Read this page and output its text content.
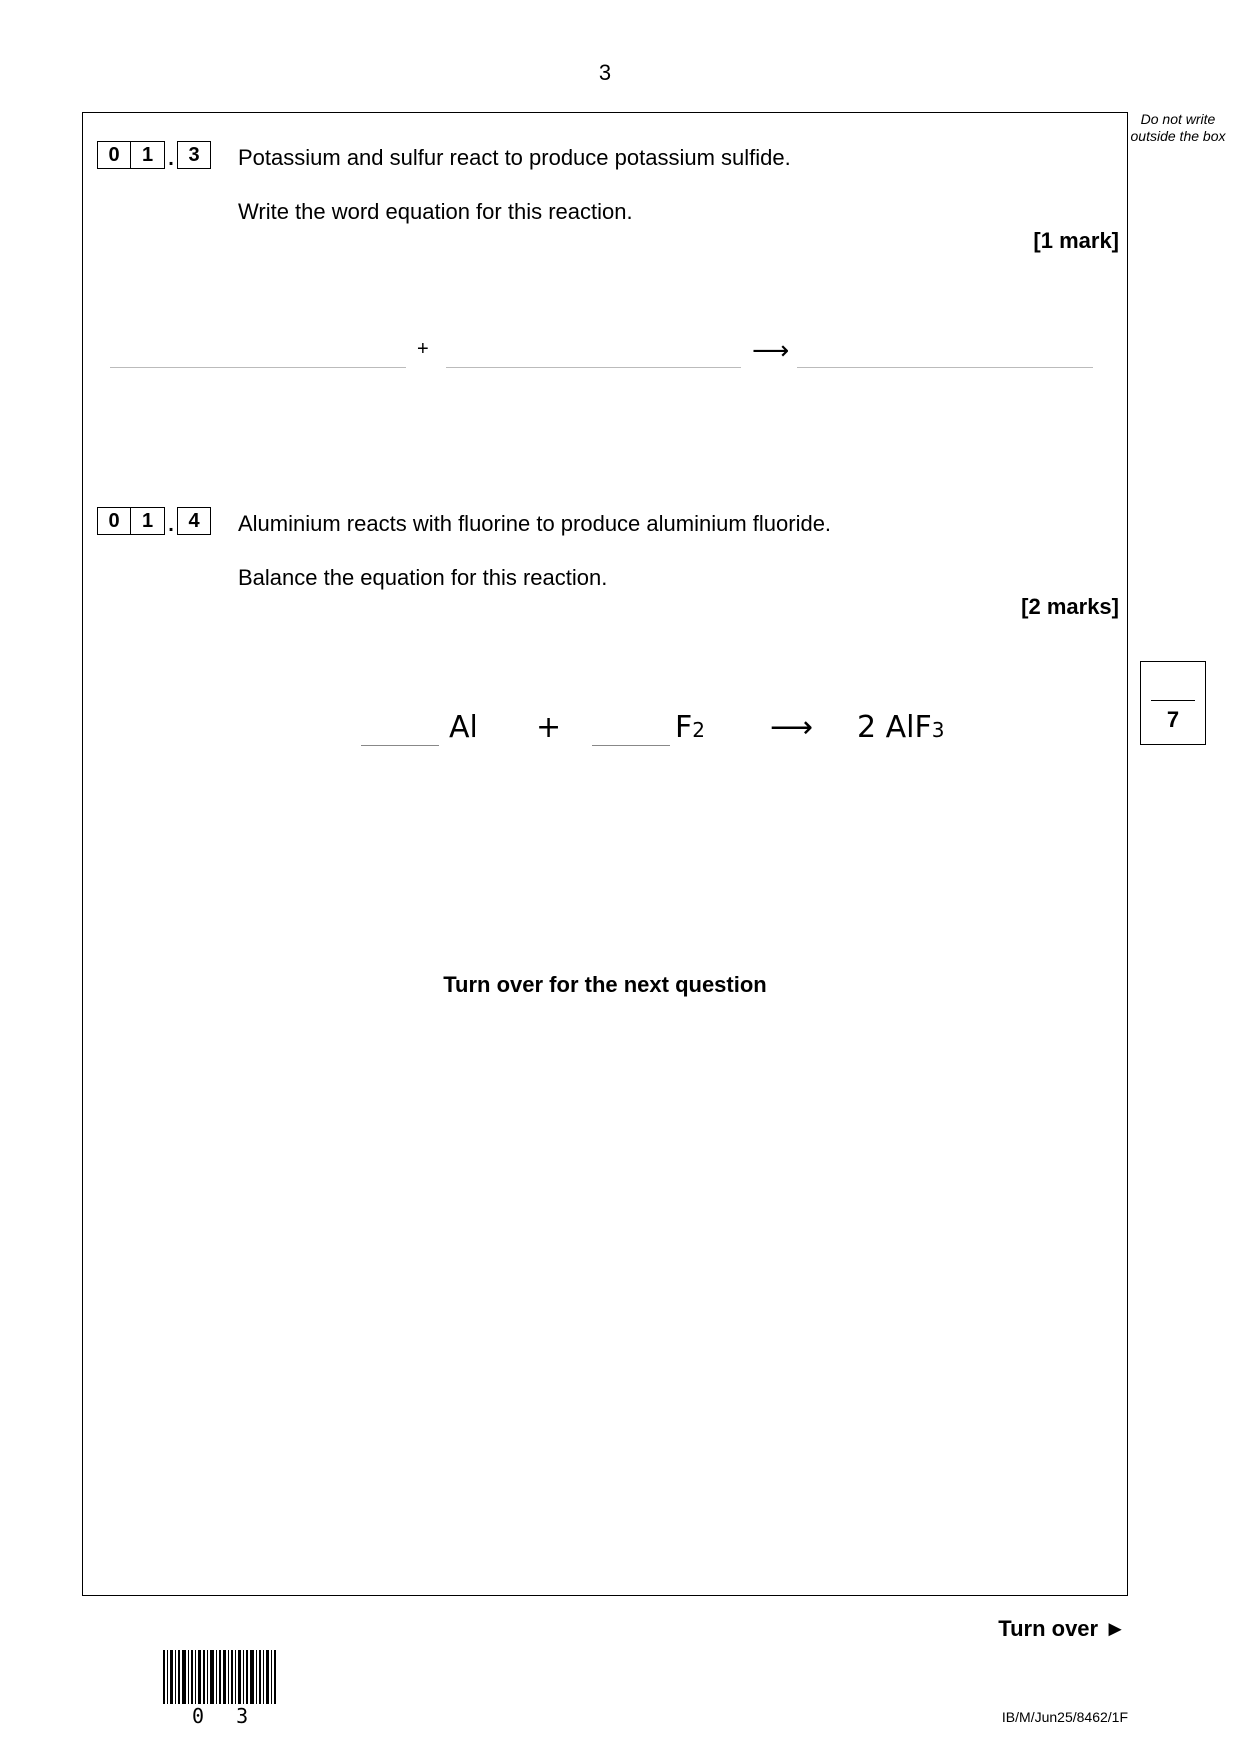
3
Do not write outside the box
0	1 . 3	Potassium and sulfur react to produce potassium sulfide.
Write the word equation for this reaction.
[1 mark]
+	⟶
0	1 . 4	Aluminium reacts with fluorine to produce aluminium fluoride.
Balance the equation for this reaction.
[2 marks]
Al +	F2 ⟶ 2 AlF3	7
Turn over for the next question
Turn over ►
0 3	IB/M/Jun25/8462/1F
